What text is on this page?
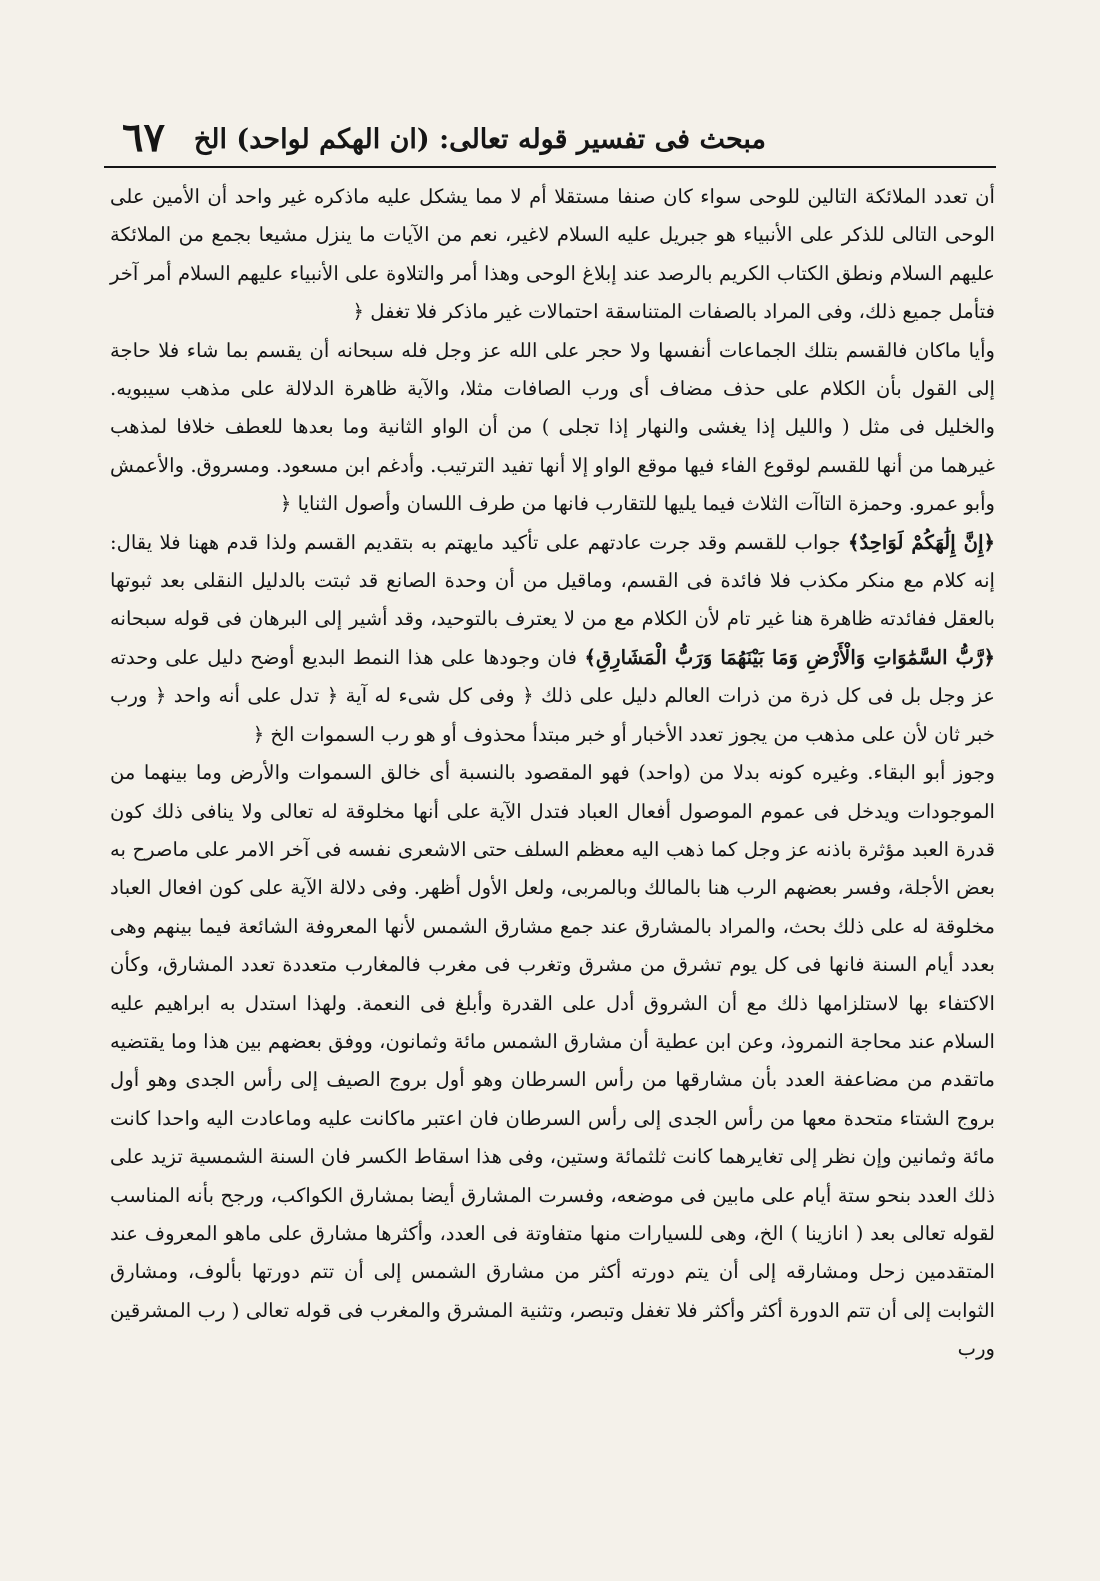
٦٧ مبحث فى تفسير قوله تعالى: (ان الهكم لواحد) الخ

أن تعدد الملائكة التالين للوحى سواء كان صنفا مستقلا أم لا مما يشكل عليه ماذكره غير واحد أن الأمين على الوحى التالى للذكر على الأنبياء هو جبريل عليه السلام لاغير، نعم من الآيات ما ينزل مشيعا بجمع من الملائكة عليهم السلام ونطق الكتاب الكريم بالرصد عند إبلاغ الوحى وهذا أمر والتلاوة على الأنبياء عليهم السلام أمر آخر فتأمل جميع ذلك، وفى المراد بالصفات المتناسقة احتمالات غير ماذكر فلا تغفل ﴿

وأيا ماكان فالقسم بتلك الجماعات أنفسها ولا حجر على الله عز وجل فله سبحانه أن يقسم بما شاء فلا حاجة إلى القول بأن الكلام على حذف مضاف أى ورب الصافات مثلا، والآية ظاهرة الدلالة على مذهب سيبويه. والخليل فى مثل ( والليل إذا يغشى والنهار إذا تجلى ) من أن الواو الثانية وما بعدها للعطف خلافا لمذهب غيرهما من أنها للقسم لوقوع الفاء فيها موقع الواو إلا أنها تفيد الترتيب. وأدغم ابن مسعود. ومسروق. والأعمش وأبو عمرو. وحمزة التاآت الثلاث فيما يليها للتقارب فانها من طرف اللسان وأصول الثنايا ﴿

﴿إِنَّ إِلَٰهَكُمْ لَوَاحِدٌ﴾ جواب للقسم وقد جرت عادتهم على تأكيد مايهتم به بتقديم القسم ولذا قدم ههنا فلا يقال: إنه كلام مع منكر مكذب فلا فائدة فى القسم، وماقيل من أن وحدة الصانع قد ثبتت بالدليل النقلى بعد ثبوتها بالعقل ففائدته ظاهرة هنا غير تام لأن الكلام مع من لا يعترف بالتوحيد، وقد أشير إلى البرهان فى قوله سبحانه ﴿رَّبُّ السَّمَٰوَاتِ وَالْأَرْضِ وَمَا بَيْنَهُمَا وَرَبُّ الْمَشَارِقِ﴾ فان وجودها على هذا النمط البديع أوضح دليل على وحدته عز وجل بل فى كل ذرة من ذرات العالم دليل على ذلك ﴿ وفى كل شىء له آية ﴿ تدل على أنه واحد ﴿ ورب خبر ثان لأن على مذهب من يجوز تعدد الأخبار أو خبر مبتدأ محذوف أو هو رب السموات الخ ﴿

وجوز أبو البقاء. وغيره كونه بدلا من (واحد) فهو المقصود بالنسبة أى خالق السموات والأرض وما بينهما من الموجودات ويدخل فى عموم الموصول أفعال العباد فتدل الآية على أنها مخلوقة له تعالى ولا ينافى ذلك كون قدرة العبد مؤثرة باذنه عز وجل كما ذهب اليه معظم السلف حتى الاشعرى نفسه فى آخر الامر على ماصرح به بعض الأجلة، وفسر بعضهم الرب هنا بالمالك وبالمربى، ولعل الأول أظهر. وفى دلالة الآية على كون افعال العباد مخلوقة له على ذلك بحث، والمراد بالمشارق عند جمع مشارق الشمس لأنها المعروفة الشائعة فيما بينهم وهى بعدد أيام السنة فانها فى كل يوم تشرق من مشرق وتغرب فى مغرب فالمغارب متعددة تعدد المشارق، وكأن الاكتفاء بها لاستلزامها ذلك مع أن الشروق أدل على القدرة وأبلغ فى النعمة. ولهذا استدل به ابراهيم عليه السلام عند محاجة النمروذ، وعن ابن عطية أن مشارق الشمس مائة وثمانون، ووفق بعضهم بين هذا وما يقتضيه ماتقدم من مضاعفة العدد بأن مشارقها من رأس السرطان وهو أول بروج الصيف إلى رأس الجدى وهو أول بروج الشتاء متحدة معها من رأس الجدى إلى رأس السرطان فان اعتبر ماكانت عليه وماعادت اليه واحدا كانت مائة وثمانين وإن نظر إلى تغايرهما كانت ثلثمائة وستين، وفى هذا اسقاط الكسر فان السنة الشمسية تزيد على ذلك العدد بنحو ستة أيام على مابين فى موضعه، وفسرت المشارق أيضا بمشارق الكواكب، ورجح بأنه المناسب لقوله تعالى بعد ( انازينا ) الخ، وهى للسيارات منها متفاوتة فى العدد، وأكثرها مشارق على ماهو المعروف عند المتقدمين زحل ومشارقه إلى أن يتم دورته أكثر من مشارق الشمس إلى أن تتم دورتها بألوف، ومشارق الثوابت إلى أن تتم الدورة أكثر وأكثر فلا تغفل وتبصر، وتثنية المشرق والمغرب فى قوله تعالى ( رب المشرقين ورب
